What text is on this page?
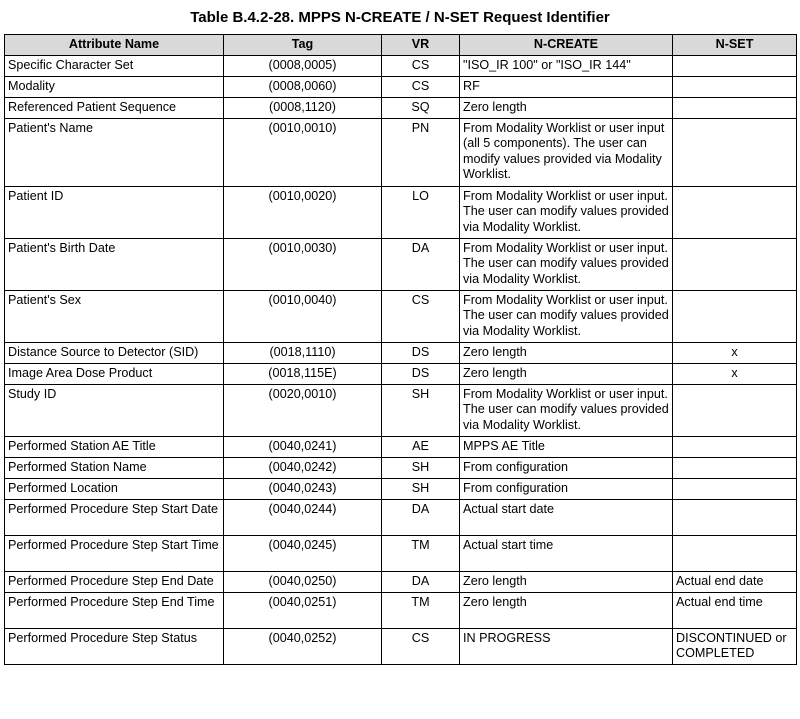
Table B.4.2-28. MPPS N-CREATE / N-SET Request Identifier
Attribute Name	Tag	VR	N-CREATE	N-SET
Specific Character Set	(0008,0005)	CS	"ISO_IR 100" or "ISO_IR 144"	
Modality	(0008,0060)	CS	RF	
Referenced Patient Sequence	(0008,1120)	SQ	Zero length	
Patient's Name	(0010,0010)	PN	From Modality Worklist or user input (all 5 components). The user can modify values provided via Modality Worklist.	
Patient ID	(0010,0020)	LO	From Modality Worklist or user input. The user can modify values provided via Modality Worklist.	
Patient's Birth Date	(0010,0030)	DA	From Modality Worklist or user input. The user can modify values provided via Modality Worklist.	
Patient's Sex	(0010,0040)	CS	From Modality Worklist or user input. The user can modify values provided via Modality Worklist.	
Distance Source to Detector (SID)	(0018,1110)	DS	Zero length	x
Image Area Dose Product	(0018,115E)	DS	Zero length	x
Study ID	(0020,0010)	SH	From Modality Worklist or user input. The user can modify values provided via Modality Worklist.	
Performed Station AE Title	(0040,0241)	AE	MPPS AE Title	
Performed Station Name	(0040,0242)	SH	From configuration	
Performed Location	(0040,0243)	SH	From configuration	
Performed Procedure Step Start Date	(0040,0244)	DA	Actual start date	
Performed Procedure Step Start Time	(0040,0245)	TM	Actual start time	
Performed Procedure Step End Date	(0040,0250)	DA	Zero length	Actual end date
Performed Procedure Step End Time	(0040,0251)	TM	Zero length	Actual end time
Performed Procedure Step Status	(0040,0252)	CS	IN PROGRESS	DISCONTINUED or COMPLETED
